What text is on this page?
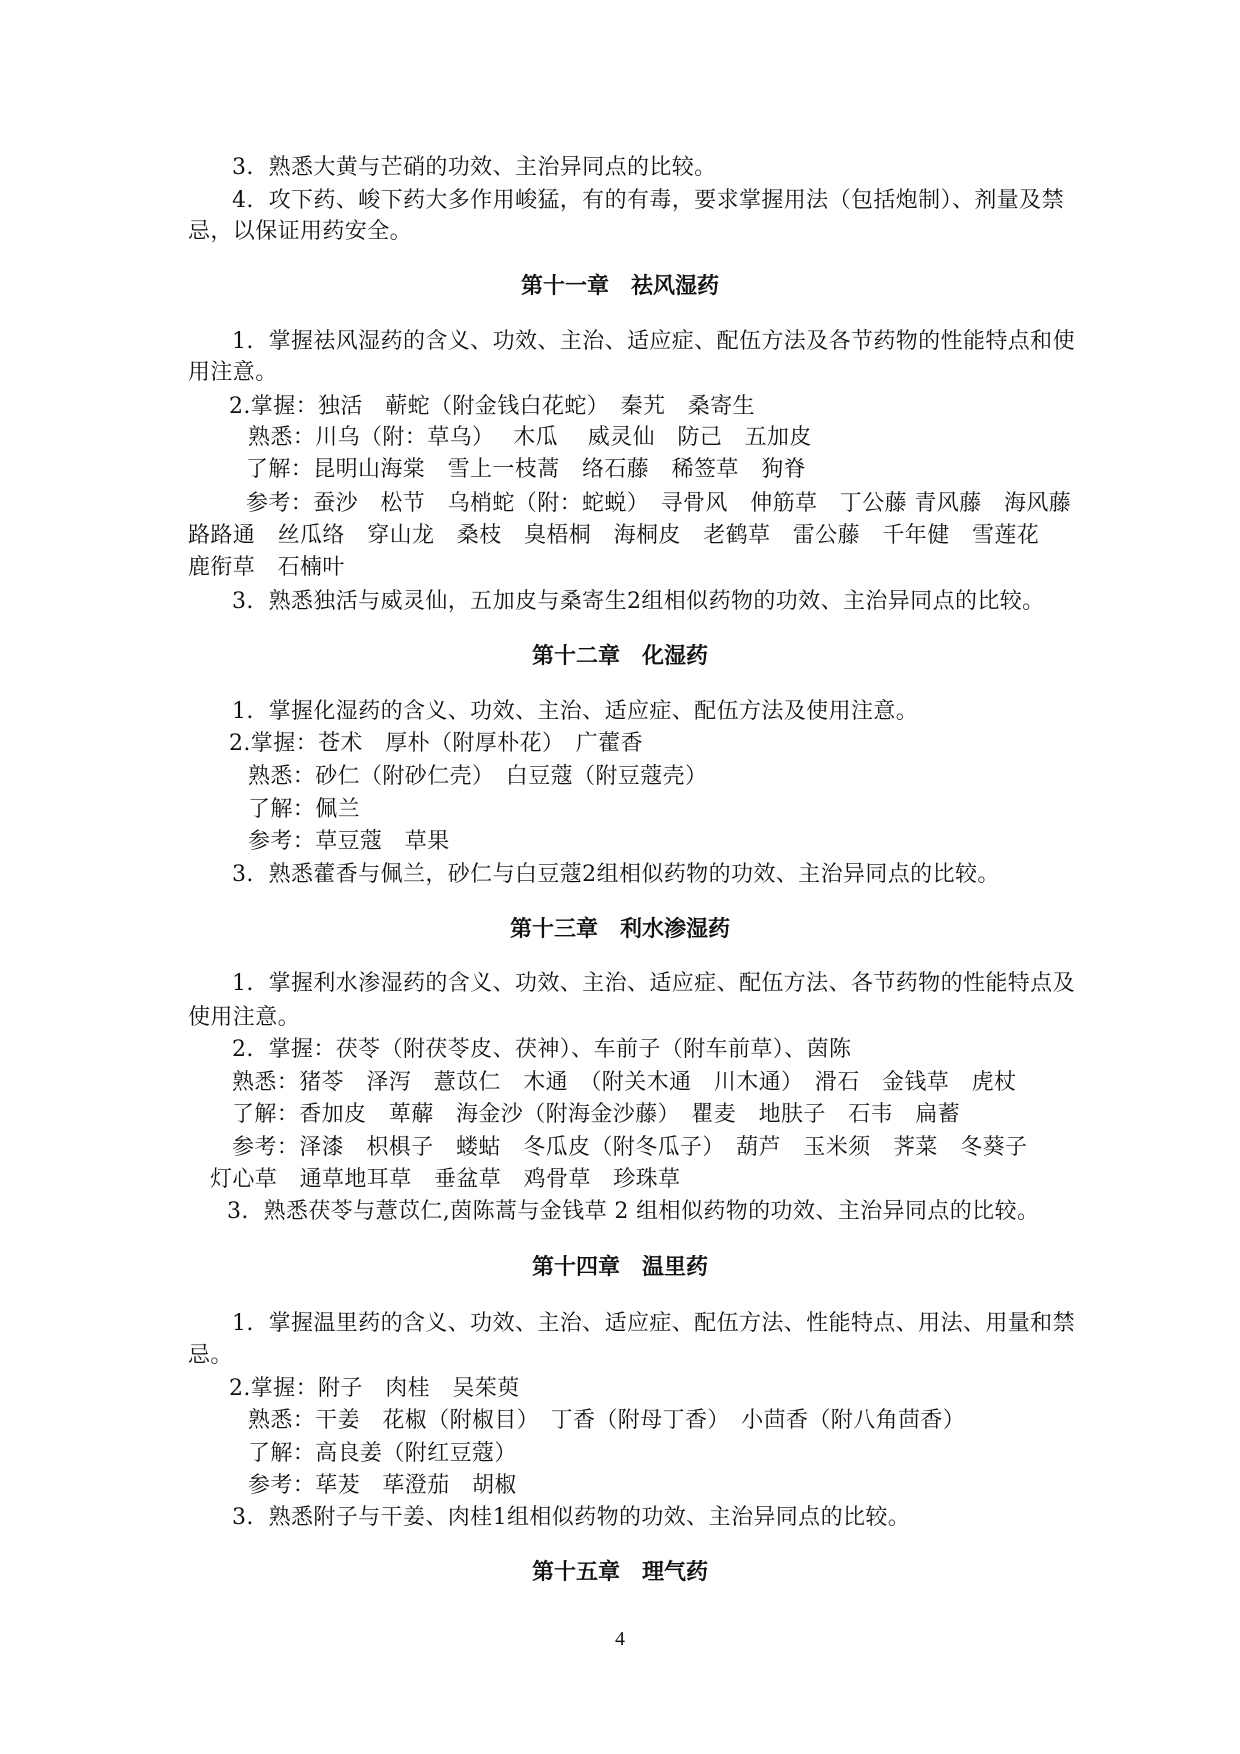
3.  熟悉大黄与芒硝的功效、主治异同点的比较。
4.  攻下药、峻下药大多作用峻猛，有的有毒，要求掌握用法（包括炮制）、剂量及禁
忌，以保证用药安全。
第十一章　祛风湿药
1.  掌握祛风湿药的含义、功效、主治、适应症、配伍方法及各节药物的性能特点和使
用注意。
2.掌握：独活　蕲蛇（附金钱白花蛇）　秦艽　桑寄生
熟悉：川乌（附：草乌）　 木瓜　 威灵仙　防己　五加皮
了解：昆明山海棠　雪上一枝蒿　络石藤　稀签草　狗脊
参考：蚕沙　松节　乌梢蛇（附：蛇蜕）　寻骨风　伸筋草　丁公藤 青风藤　海风藤
路路通　丝瓜络　穿山龙　桑枝　臭梧桐　海桐皮　老鹤草　雷公藤　千年健　雪莲花
鹿衔草　石楠叶
3.  熟悉独活与威灵仙，五加皮与桑寄生2组相似药物的功效、主治异同点的比较。
第十二章　化湿药
1.  掌握化湿药的含义、功效、主治、适应症、配伍方法及使用注意。
2.掌握：苍术　厚朴（附厚朴花）　广藿香
熟悉：砂仁（附砂仁壳）　白豆蔻（附豆蔻壳）
了解：佩兰
参考：草豆蔻　草果
3.  熟悉藿香与佩兰，砂仁与白豆蔻2组相似药物的功效、主治异同点的比较。
第十三章　利水渗湿药
1.  掌握利水渗湿药的含义、功效、主治、适应症、配伍方法、各节药物的性能特点及
使用注意。
2.  掌握：茯苓（附茯苓皮、茯神）、车前子（附车前草）、茵陈
熟悉：猪苓　泽泻　薏苡仁　木通　（附关木通　川木通）　滑石　金钱草　虎杖
了解：香加皮　萆薢　海金沙（附海金沙藤）　瞿麦　地肤子　石韦　扁蓄
参考：泽漆　枳椇子　蝼蛄　冬瓜皮（附冬瓜子）　葫芦　玉米须　荠菜　冬葵子
灯心草　通草地耳草　垂盆草　鸡骨草　珍珠草
3.  熟悉茯苓与薏苡仁,茵陈蒿与金钱草 2 组相似药物的功效、主治异同点的比较。
第十四章　温里药
1.  掌握温里药的含义、功效、主治、适应症、配伍方法、性能特点、用法、用量和禁
忌。
2.掌握：附子　肉桂　吴茱萸
熟悉：干姜　花椒（附椒目）　丁香（附母丁香）　小茴香（附八角茴香）
了解：高良姜（附红豆蔻）
参考：荜茇　荜澄茄　胡椒
3.  熟悉附子与干姜、肉桂1组相似药物的功效、主治异同点的比较。
第十五章　理气药
4
